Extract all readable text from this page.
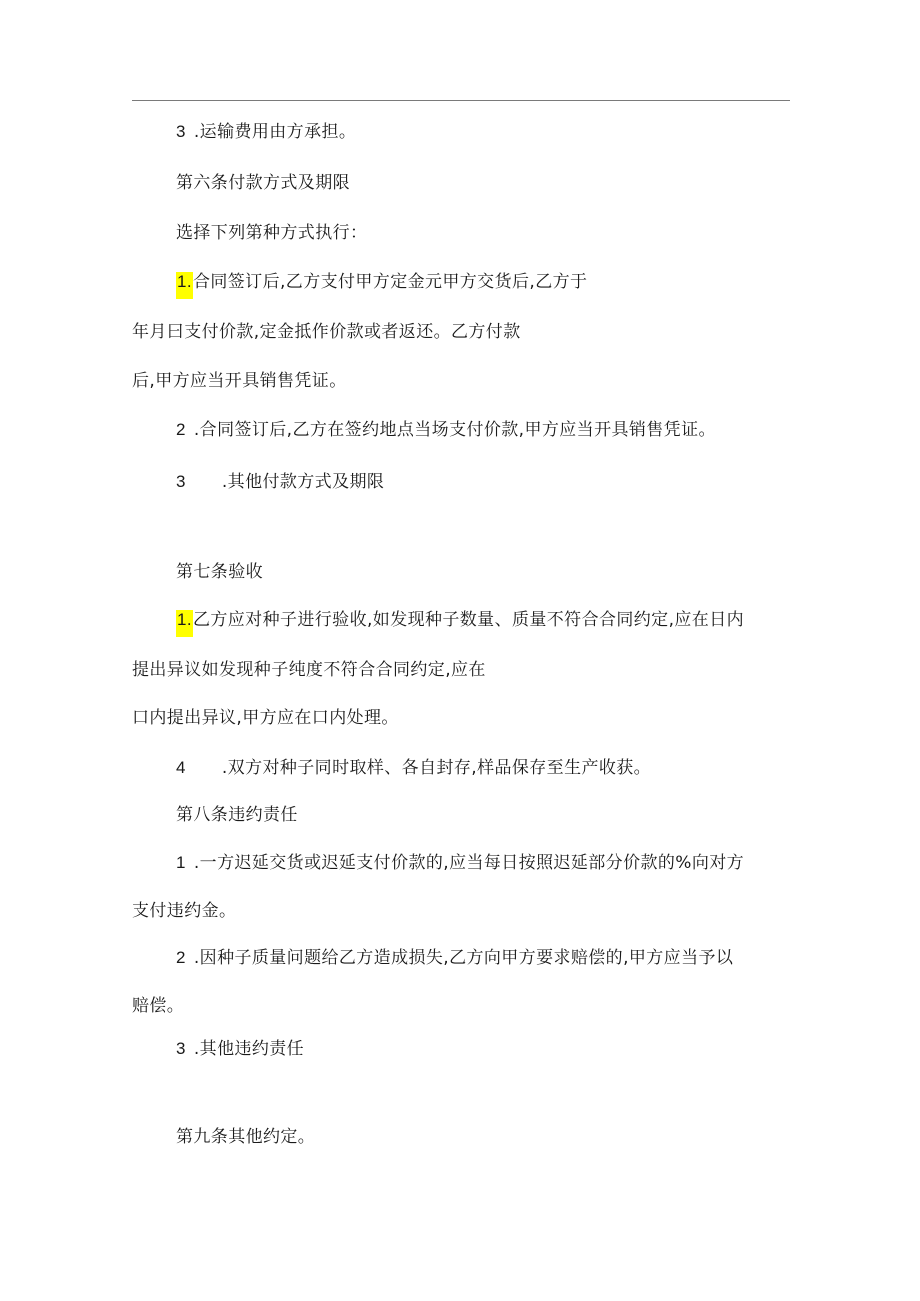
3 .运输费用由方承担。
第六条付款方式及期限
选择下列第种方式执行：
1.合同签订后,乙方支付甲方定金元甲方交货后,乙方于
年月曰支付价款,定金抵作价款或者返还。乙方付款
后,甲方应当开具销售凭证。
2 .合同签订后,乙方在签约地点当场支付价款,甲方应当开具销售凭证。
3 .其他付款方式及期限
第七条验收
1.乙方应对种子进行验收,如发现种子数量、质量不符合合同约定,应在日内
提出异议如发现种子纯度不符合合同约定,应在
口内提出异议,甲方应在口内处理。
4 .双方对种子同时取样、各自封存,样品保存至生产收获。
第八条违约责任
1 .一方迟延交货或迟延支付价款的,应当每日按照迟延部分价款的%向对方
支付违约金。
2 .因种子质量问题给乙方造成损失,乙方向甲方要求赔偿的,甲方应当予以
赔偿。
3 .其他违约责任
第九条其他约定。
